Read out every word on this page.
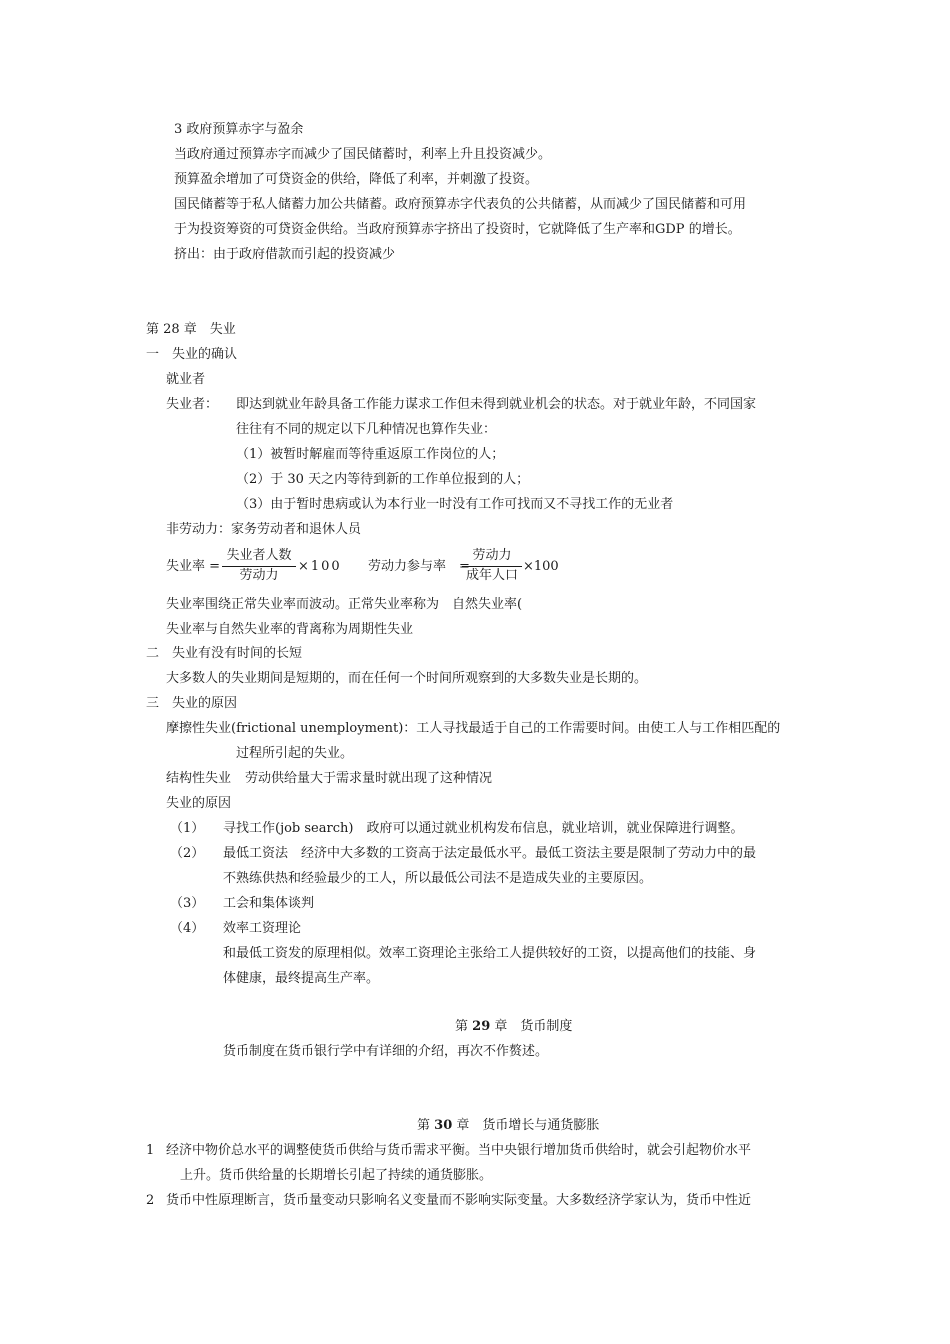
3 政府预算赤字与盈余
当政府通过预算赤字而减少了国民储蓄时，利率上升且投资减少。
预算盈余增加了可贷资金的供给，降低了利率，并刺激了投资。
国民储蓄等于私人储蓄力加公共储蓄。政府预算赤字代表负的公共储蓄，从而减少了国民储蓄和可用
于为投资筹资的可贷资金供给。当政府预算赤字挤出了投资时，它就降低了生产率和GDP 的增长。
挤出：由于政府借款而引起的投资减少
第 28 章　失业
一　失业的确认
就业者
失业者： 即达到就业年龄具备工作能力谋求工作但未得到就业机会的状态。对于就业年龄，不同国家
往往有不同的规定以下几种情况也算作失业：
（1）被暂时解雇而等待重返原工作岗位的人；
（2）于 30 天之内等待到新的工作单位报到的人；
（3）由于暂时患病或认为本行业一时没有工作可找而又不寻找工作的无业者
非劳动力：家务劳动者和退休人员
失业率 =
失业者人数
劳动力
×100 劳动力参与率　=
劳动力
成年人口
×100
失业率围绕正常失业率而波动。正常失业率称为　自然失业率(
失业率与自然失业率的背离称为周期性失业
二　失业有没有时间的长短
大多数人的失业期间是短期的，而在任何一个时间所观察到的大多数失业是长期的。
三　失业的原因
摩擦性失业(frictional unemployment)：工人寻找最适于自己的工作需要时间。由使工人与工作相匹配的
过程所引起的失业。
结构性失业 劳动供给量大于需求量时就出现了这种情况
失业的原因
（1） 寻找工作(job search)　政府可以通过就业机构发布信息，就业培训，就业保障进行调整。
（2） 最低工资法　经济中大多数的工资高于法定最低水平。最低工资法主要是限制了劳动力中的最
不熟练供热和经验最少的工人，所以最低公司法不是造成失业的主要原因。
（3） 工会和集体谈判
（4） 效率工资理论
和最低工资发的原理相似。效率工资理论主张给工人提供较好的工资，以提高他们的技能、身
体健康，最终提高生产率。
第 29 章　货币制度
货币制度在货币银行学中有详细的介绍，再次不作赘述。
第 30 章　货币增长与通货膨胀
1 经济中物价总水平的调整使货币供给与货币需求平衡。当中央银行增加货币供给时，就会引起物价水平
上升。货币供给量的长期增长引起了持续的通货膨胀。
2 货币中性原理断言，货币量变动只影响名义变量而不影响实际变量。大多数经济学家认为，货币中性近
